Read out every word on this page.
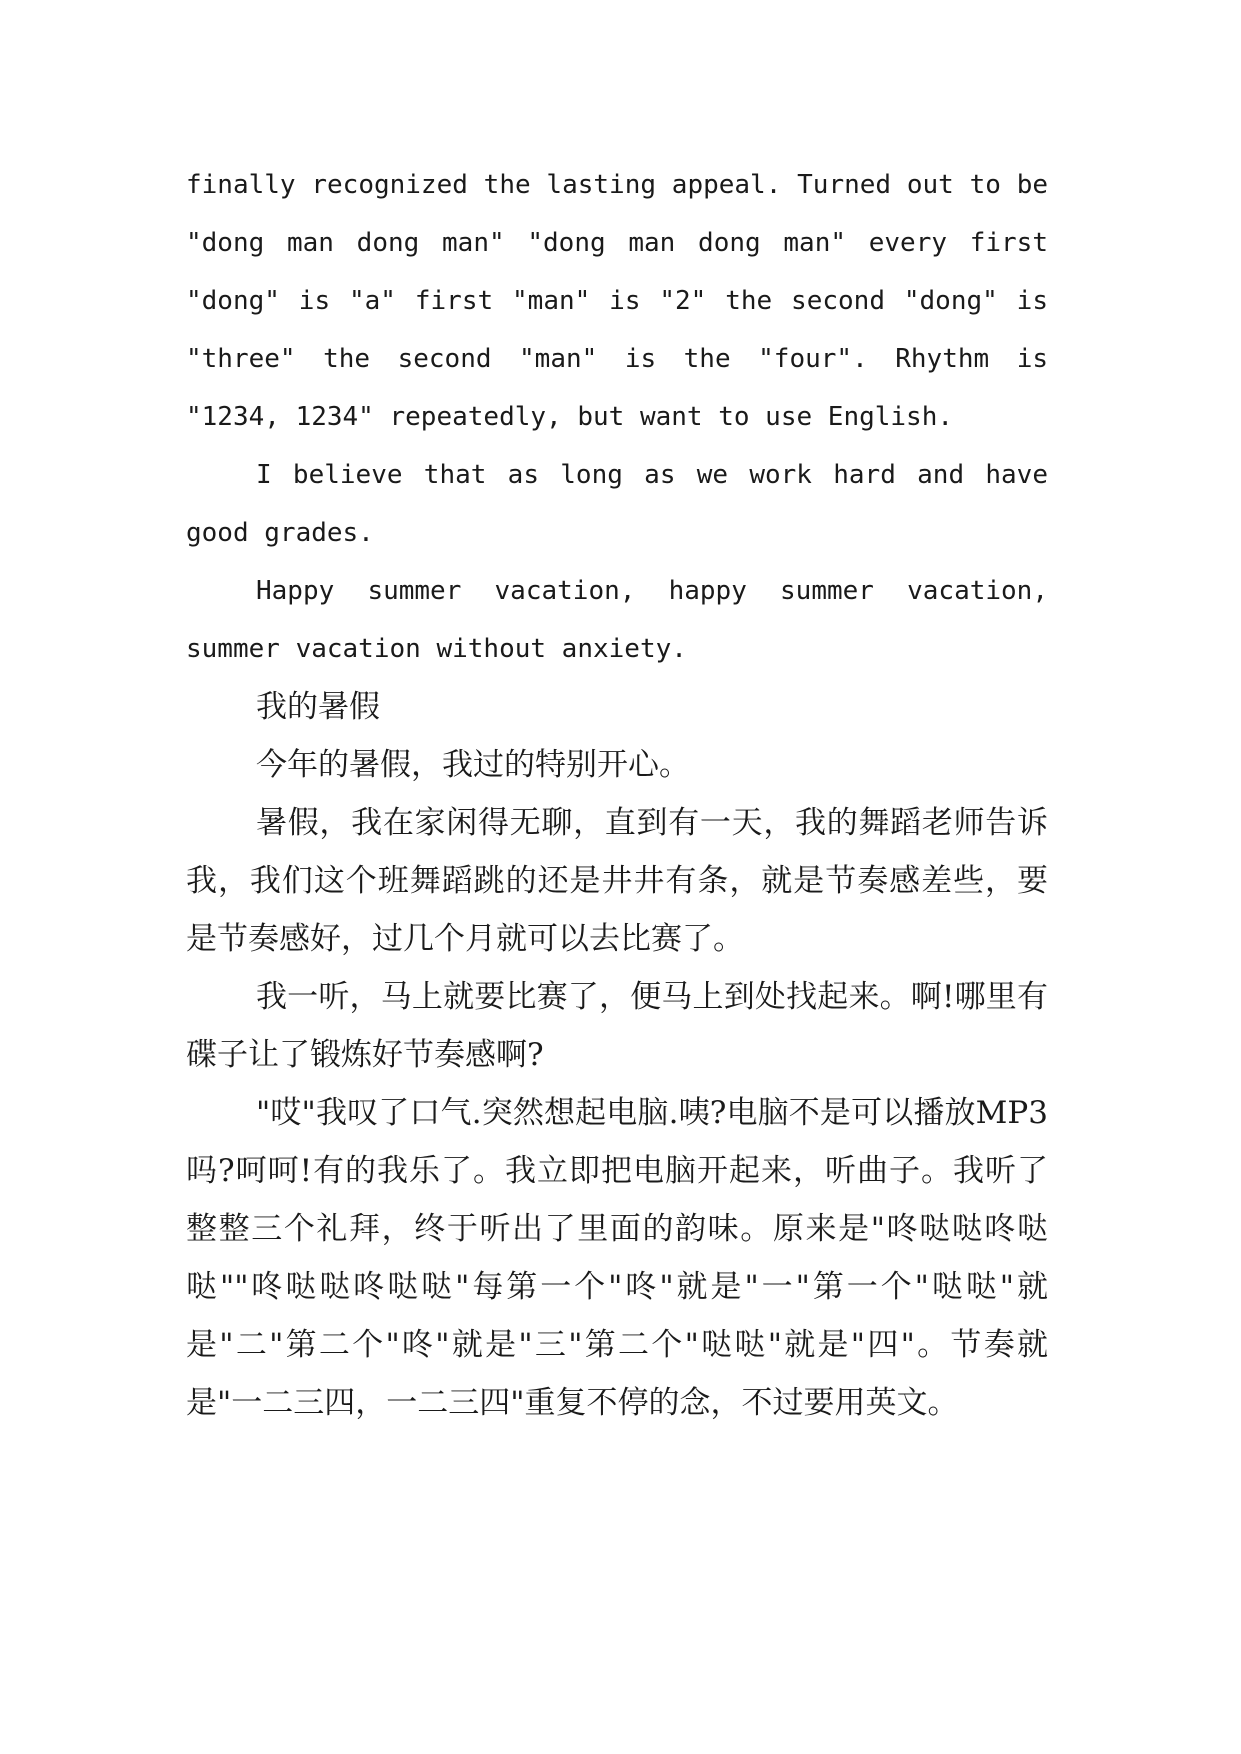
finally recognized the lasting appeal. Turned out to be "dong man dong man" "dong man dong man" every first "dong" is "a" first "man" is "2" the second "dong" is "three" the second "man" is the "four". Rhythm is "1234, 1234" repeatedly, but want to use English.

I believe that as long as we work hard and have good grades.

Happy summer vacation, happy summer vacation, summer vacation without anxiety.

我的暑假

今年的暑假，我过的特别开心。

暑假，我在家闲得无聊，直到有一天，我的舞蹈老师告诉我，我们这个班舞蹈跳的还是井井有条，就是节奏感差些，要是节奏感好，过几个月就可以去比赛了。

我一听，马上就要比赛了，便马上到处找起来。啊!哪里有碟子让了锻炼好节奏感啊?

"哎"我叹了口气.突然想起电脑.咦?电脑不是可以播放MP3吗?呵呵!有的我乐了。我立即把电脑开起来，听曲子。我听了整整三个礼拜，终于听出了里面的韵味。原来是"咚哒哒咚哒哒""咚哒哒咚哒哒"每第一个"咚"就是"一"第一个"哒哒"就是"二"第二个"咚"就是"三"第二个"哒哒"就是"四"。节奏就是"一二三四，一二三四"重复不停的念，不过要用英文。
